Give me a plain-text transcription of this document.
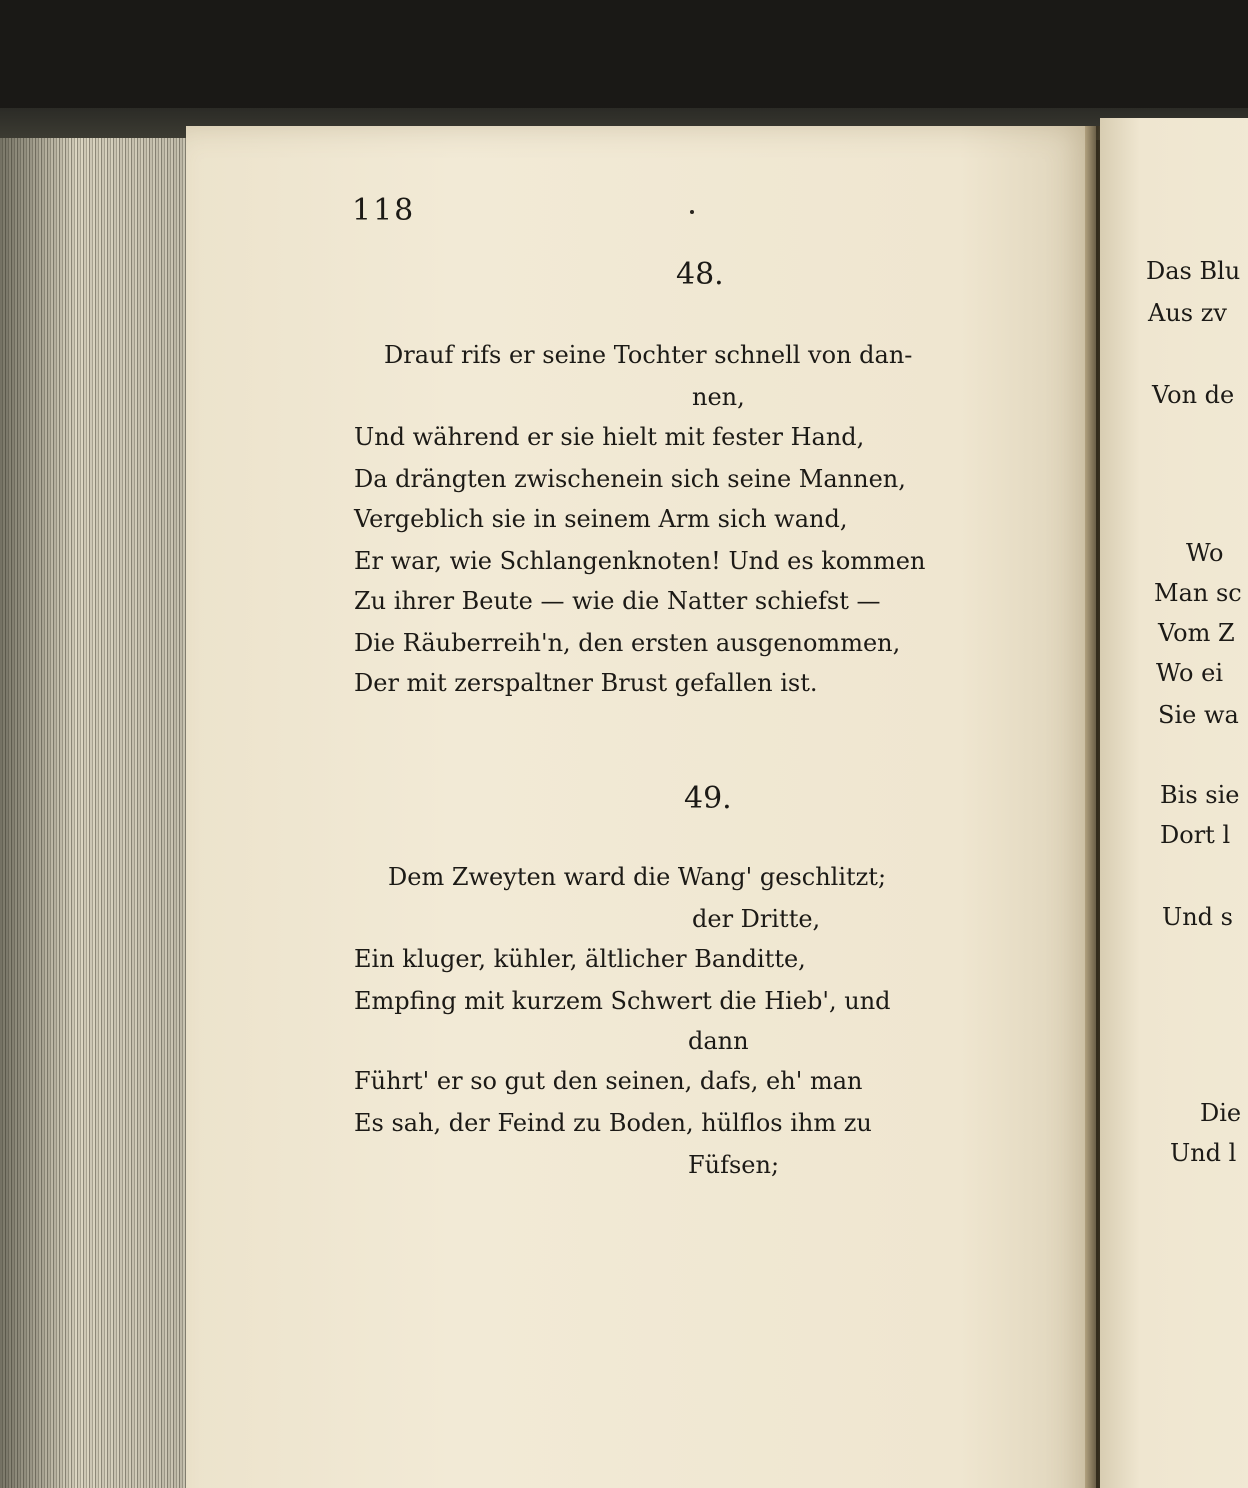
118
48.
Drauf rifs er seine Tochter schnell von dan-
nen,
Und während er sie hielt mit fester Hand,
Da drängten zwischenein sich seine Mannen,
Vergeblich sie in seinem Arm sich wand,
Er war, wie Schlangenknoten! Und es kommen
Zu ihrer Beute — wie die Natter schiefst —
Die Räuberreih'n, den ersten ausgenommen,
Der mit zerspaltner Brust gefallen ist.
49.
Dem Zweyten ward die Wang' geschlitzt;
der Dritte,
Ein kluger, kühler, ältlicher Banditte,
Empfing mit kurzem Schwert die Hieb', und
dann
Führt' er so gut den seinen, dafs, eh' man
Es sah, der Feind zu Boden, hülflos ihm zu
Füfsen;
Das Blu
Aus zv
Von de
Wo
Man sc
Vom Z
Wo ei
Sie wa
Bis sie
Dort l
Und s
Die
Und l
